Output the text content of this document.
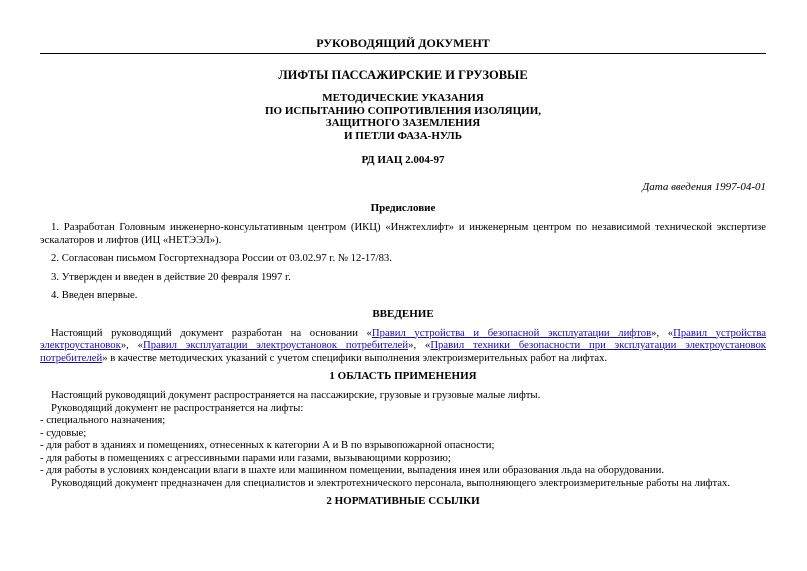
РУКОВОДЯЩИЙ ДОКУМЕНТ
ЛИФТЫ ПАССАЖИРСКИЕ И ГРУЗОВЫЕ
МЕТОДИЧЕСКИЕ УКАЗАНИЯ
ПО ИСПЫТАНИЮ СОПРОТИВЛЕНИЯ ИЗОЛЯЦИИ,
ЗАЩИТНОГО ЗАЗЕМЛЕНИЯ
И ПЕТЛИ ФАЗА-НУЛЬ
РД ИАЦ 2.004-97
Дата введения 1997-04-01
Предисловие

1. Разработан Головным инженерно-консультативным центром (ИКЦ) «Инжтехлифт» и инженерным центром по независимой технической экспертизе эскалаторов и лифтов (ИЦ «НЕТЭЭЛ»).

2. Согласован письмом Госгортехнадзора России от 03.02.97 г. № 12-17/83.

3. Утвержден и введен в действие 20 февраля 1997 г.

4. Введен впервые.

ВВЕДЕНИЕ

Настоящий руководящий документ разработан на основании «Правил устройства и безопасной эксплуатации лифтов», «Правил устройства электроустановок», «Правил эксплуатации электроустановок потребителей», «Правил техники безопасности при эксплуатации электроустановок потребителей» в качестве методических указаний с учетом специфики выполнения электроизмерительных работ на лифтах.

1 ОБЛАСТЬ ПРИМЕНЕНИЯ

Настоящий руководящий документ распространяется на пассажирские, грузовые и грузовые малые лифты.

Руководящий документ не распространяется на лифты:

- специального назначения;

- судовые;

- для работ в зданиях и помещениях, отнесенных к категории А и В по взрывопожарной опасности;

- для работы в помещениях с агрессивными парами или газами, вызывающими коррозию;

- для работы в условиях конденсации влаги в шахте или машинном помещении, выпадения инея или образования льда на оборудовании.

Руководящий документ предназначен для специалистов и электротехнического персонала, выполняющего электроизмерительные работы на лифтах.

2 НОРМАТИВНЫЕ ССЫЛКИ
